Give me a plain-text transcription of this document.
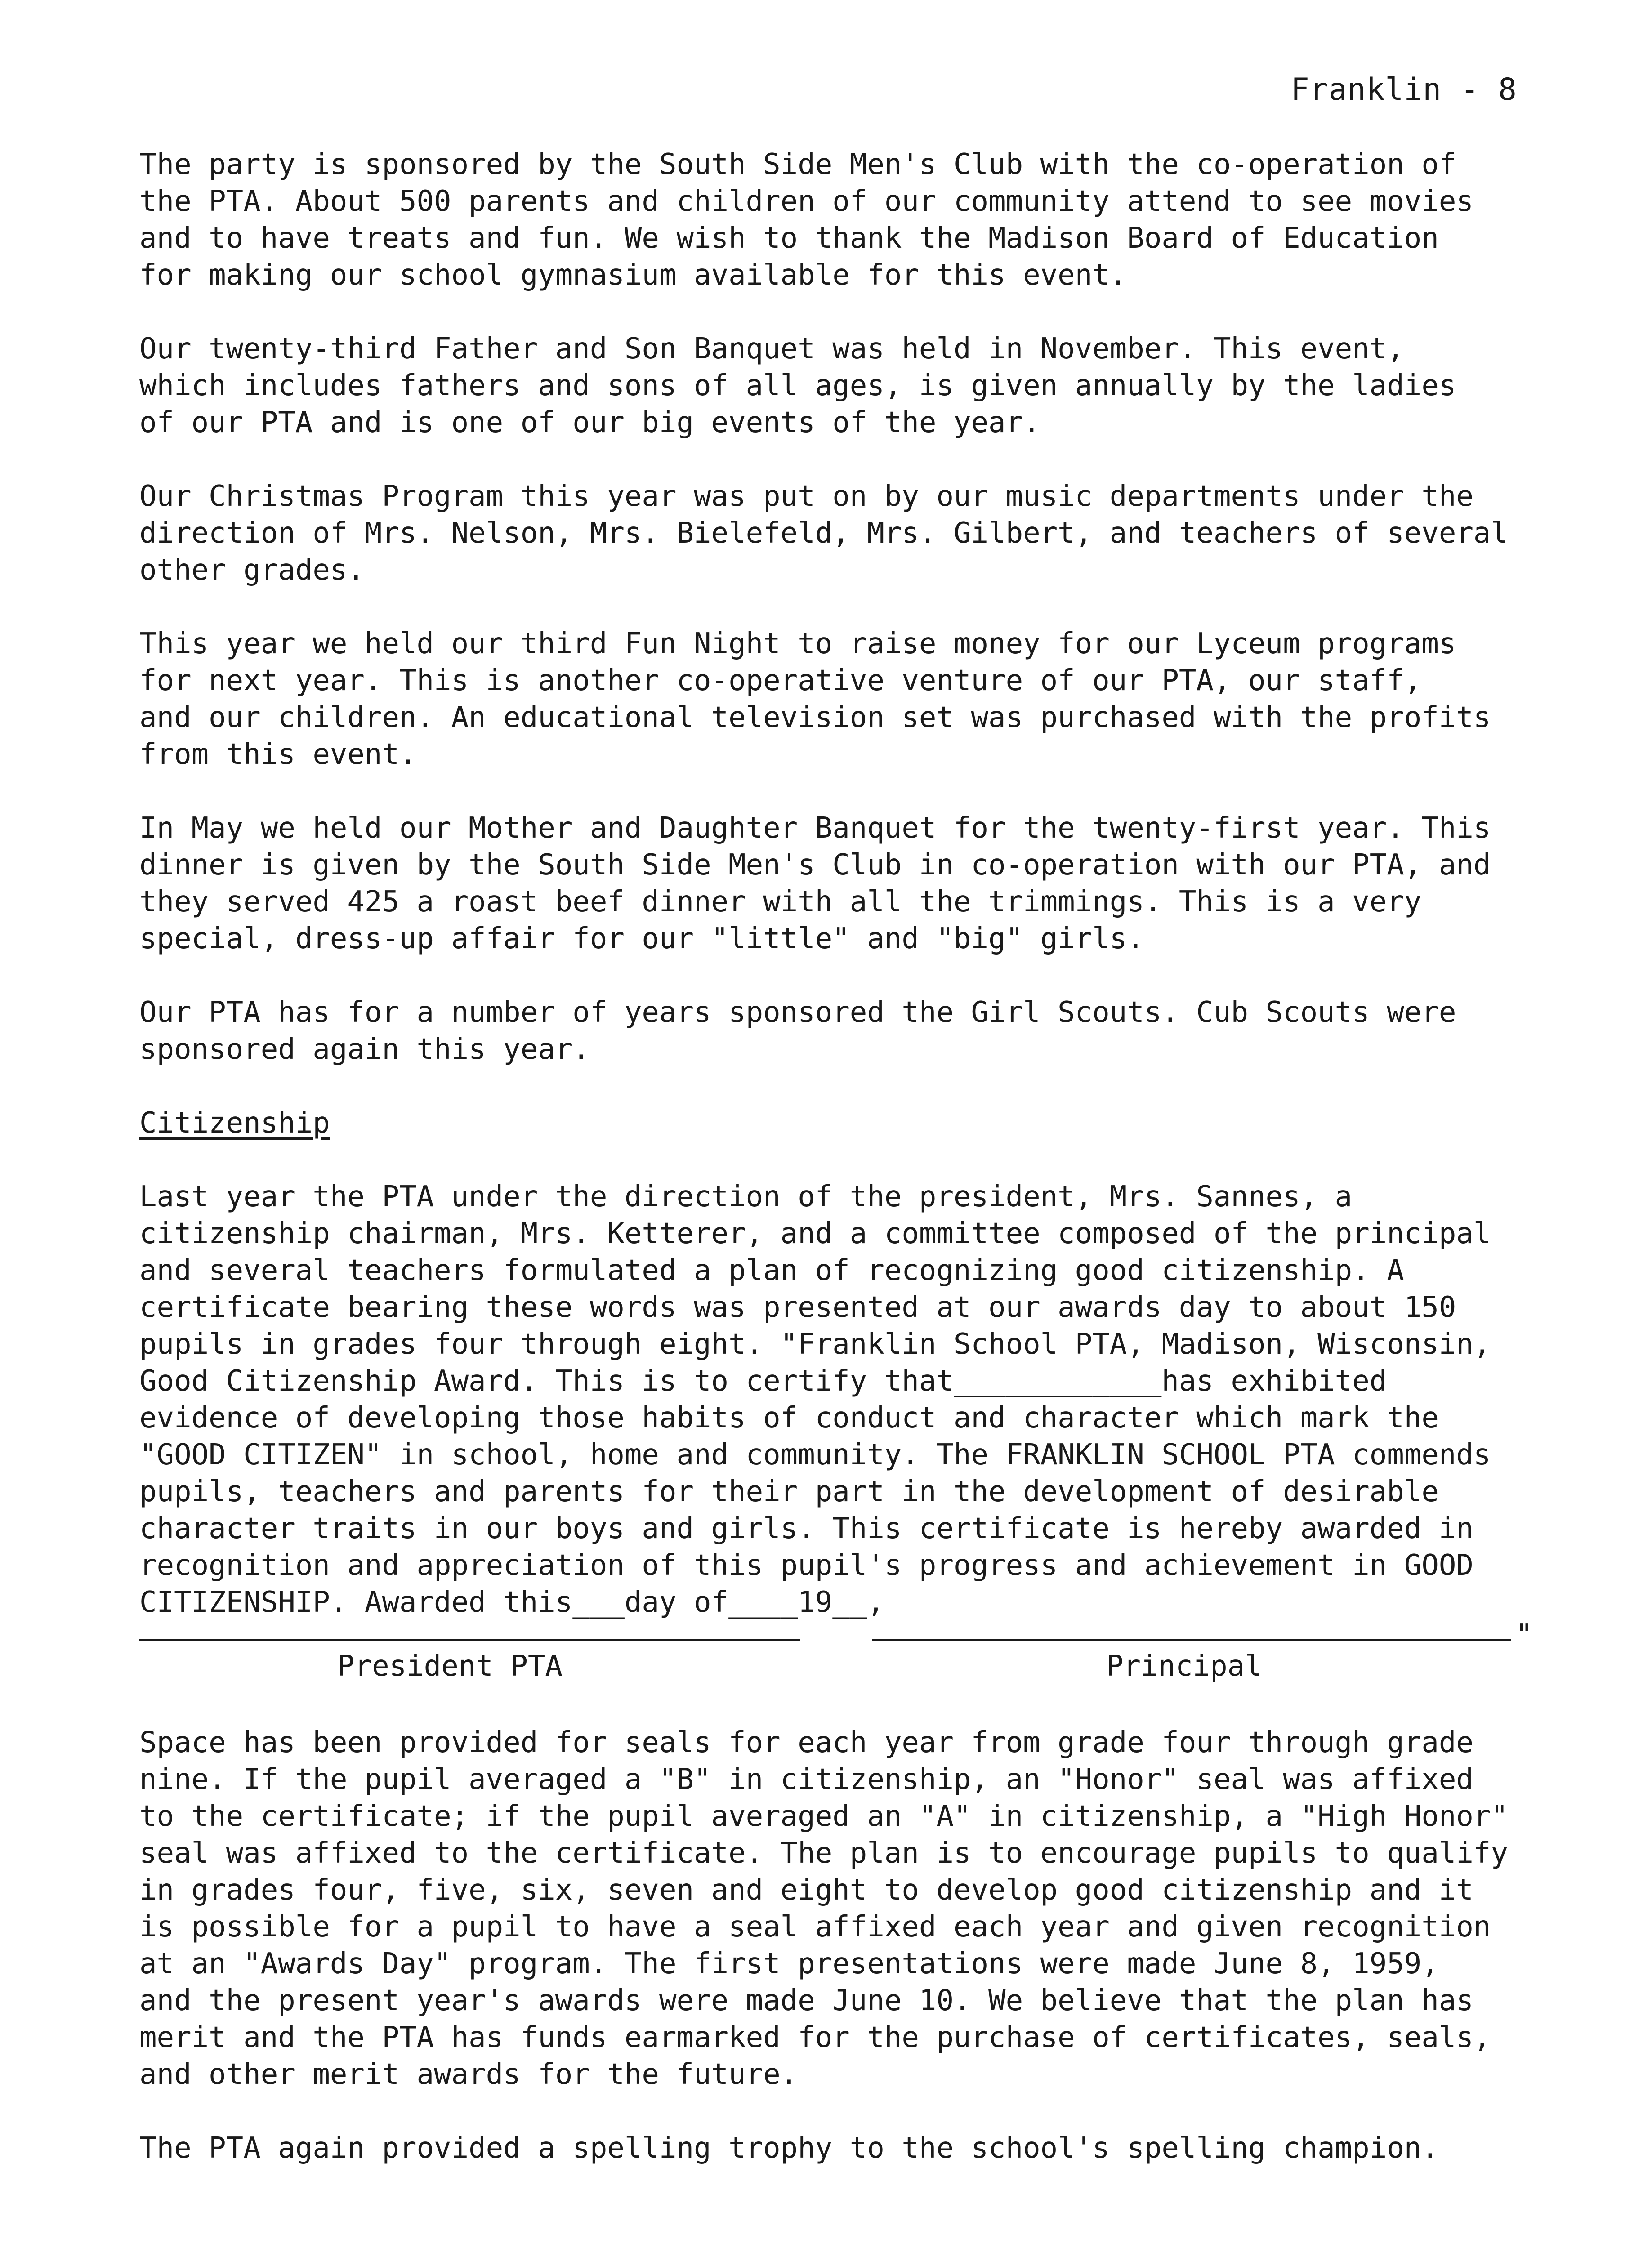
Franklin - 8

The party is sponsored by the South Side Men's Club with the co-operation of
the PTA. About 500 parents and children of our community attend to see movies
and to have treats and fun. We wish to thank the Madison Board of Education
for making our school gymnasium available for this event.

Our twenty-third Father and Son Banquet was held in November. This event,
which includes fathers and sons of all ages, is given annually by the ladies
of our PTA and is one of our big events of the year.

Our Christmas Program this year was put on by our music departments under the
direction of Mrs. Nelson, Mrs. Bielefeld, Mrs. Gilbert, and teachers of several
other grades.

This year we held our third Fun Night to raise money for our Lyceum programs
for next year. This is another co-operative venture of our PTA, our staff,
and our children. An educational television set was purchased with the profits
from this event.

In May we held our Mother and Daughter Banquet for the twenty-first year. This
dinner is given by the South Side Men's Club in co-operation with our PTA, and
they served 425 a roast beef dinner with all the trimmings. This is a very
special, dress-up affair for our "little" and "big" girls.

Our PTA has for a number of years sponsored the Girl Scouts. Cub Scouts were
sponsored again this year.

Citizenship

Last year the PTA under the direction of the president, Mrs. Sannes, a
citizenship chairman, Mrs. Ketterer, and a committee composed of the principal
and several teachers formulated a plan of recognizing good citizenship. A
certificate bearing these words was presented at our awards day to about 150
pupils in grades four through eight. "Franklin School PTA, Madison, Wisconsin,
Good Citizenship Award. This is to certify that____________has exhibited
evidence of developing those habits of conduct and character which mark the
"GOOD CITIZEN" in school, home and community. The FRANKLIN SCHOOL PTA commends
pupils, teachers and parents for their part in the development of desirable
character traits in our boys and girls. This certificate is hereby awarded in
recognition and appreciation of this pupil's progress and achievement in GOOD
CITIZENSHIP. Awarded this___day of____19__,

"
President PTA	Principal

Space has been provided for seals for each year from grade four through grade
nine. If the pupil averaged a "B" in citizenship, an "Honor" seal was affixed
to the certificate; if the pupil averaged an "A" in citizenship, a "High Honor"
seal was affixed to the certificate. The plan is to encourage pupils to qualify
in grades four, five, six, seven and eight to develop good citizenship and it
is possible for a pupil to have a seal affixed each year and given recognition
at an "Awards Day" program. The first presentations were made June 8, 1959,
and the present year's awards were made June 10. We believe that the plan has
merit and the PTA has funds earmarked for the purchase of certificates, seals,
and other merit awards for the future.

The PTA again provided a spelling trophy to the school's spelling champion.
